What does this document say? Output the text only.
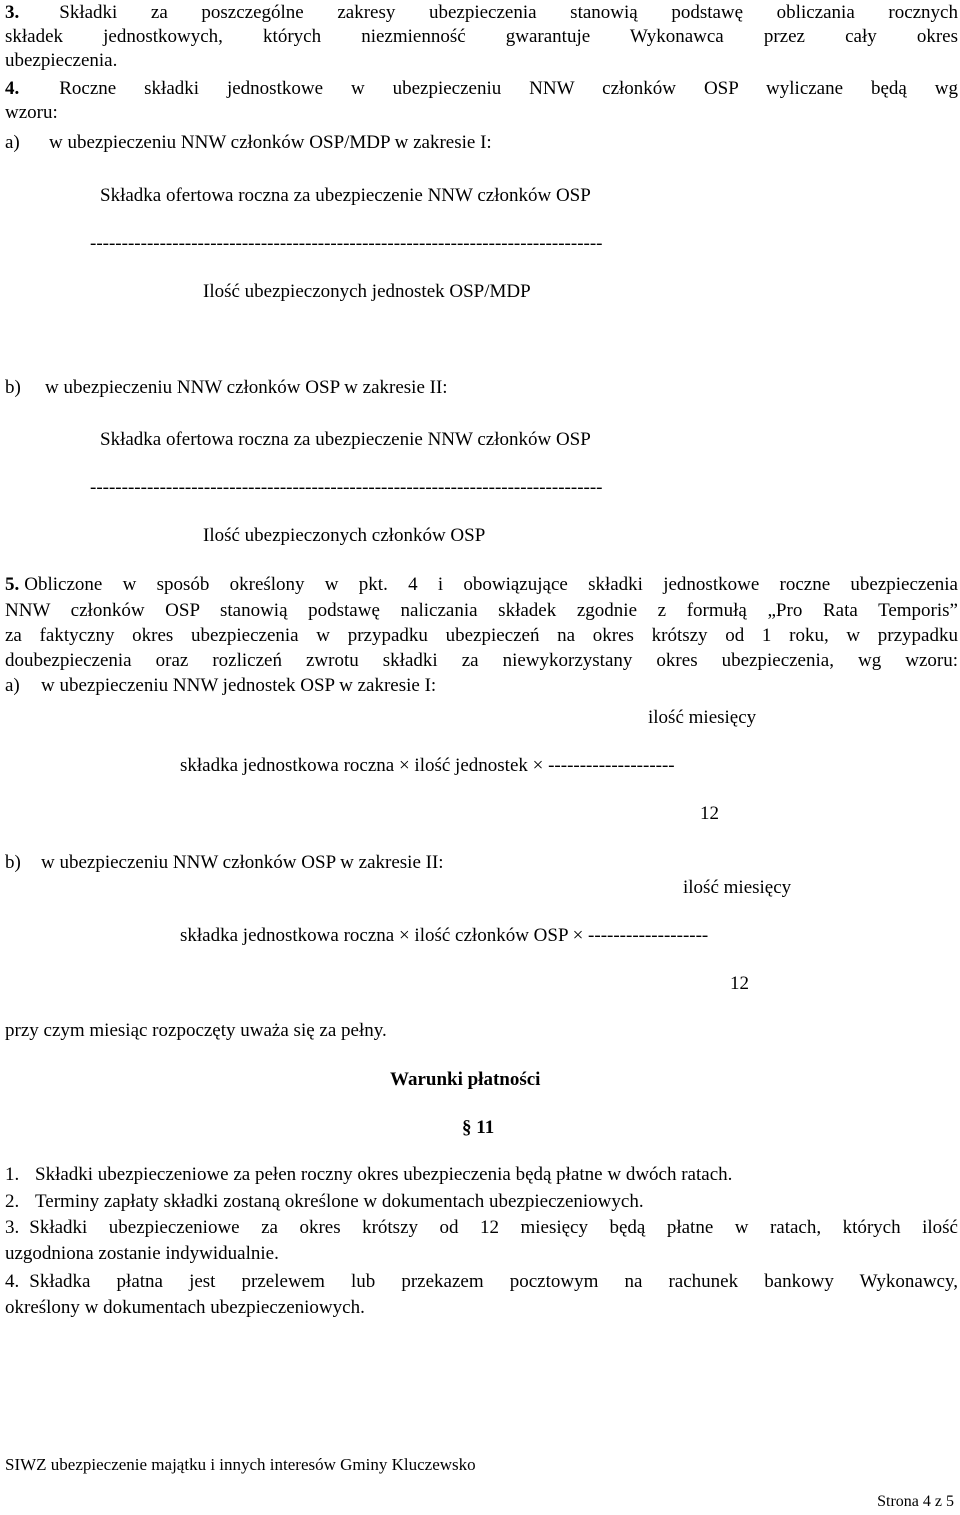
3. Składki za poszczególne zakresy ubezpieczenia stanowią podstawę obliczania rocznych
składek jednostkowych, których niezmienność gwarantuje Wykonawca przez cały okres
ubezpieczenia.
4. Roczne składki jednostkowe w ubezpieczeniu NNW członków OSP wyliczane będą wg
wzoru:
a) w ubezpieczeniu NNW członków OSP/MDP w zakresie I:
Składka ofertowa roczna za ubezpieczenie NNW członków OSP
---------------------------------------------------------------------------------
Ilość ubezpieczonych jednostek OSP/MDP
b) w ubezpieczeniu NNW członków OSP w zakresie II:
Składka ofertowa roczna za ubezpieczenie NNW członków OSP
---------------------------------------------------------------------------------
Ilość ubezpieczonych członków OSP
5. Obliczone w sposób określony w pkt. 4 i obowiązujące składki jednostkowe roczne ubezpieczenia
NNW członków OSP stanowią podstawę naliczania składek zgodnie z formułą „Pro Rata Temporis”
za faktyczny okres ubezpieczenia w przypadku ubezpieczeń na okres krótszy od 1 roku, w przypadku
doubezpieczenia oraz rozliczeń zwrotu składki za niewykorzystany okres ubezpieczenia, wg wzoru:
a) w ubezpieczeniu NNW jednostek OSP w zakresie I:
ilość miesięcy
składka jednostkowa roczna × ilość jednostek × --------------------
12
b) w ubezpieczeniu NNW członków OSP w zakresie II:
ilość miesięcy
składka jednostkowa roczna × ilość członków OSP × -------------------
12
przy czym miesiąc rozpoczęty uważa się za pełny.
Warunki płatności
§ 11
1. Składki ubezpieczeniowe za pełen roczny okres ubezpieczenia będą płatne w dwóch ratach.
2. Terminy zapłaty składki zostaną określone w dokumentach ubezpieczeniowych.
3. Składki ubezpieczeniowe za okres krótszy od 12 miesięcy będą płatne w ratach, których ilość
uzgodniona zostanie indywidualnie.
4. Składka płatna jest przelewem lub przekazem pocztowym na rachunek bankowy Wykonawcy,
określony w dokumentach ubezpieczeniowych.
SIWZ ubezpieczenie majątku i innych interesów Gminy Kluczewsko
Strona 4 z 5
